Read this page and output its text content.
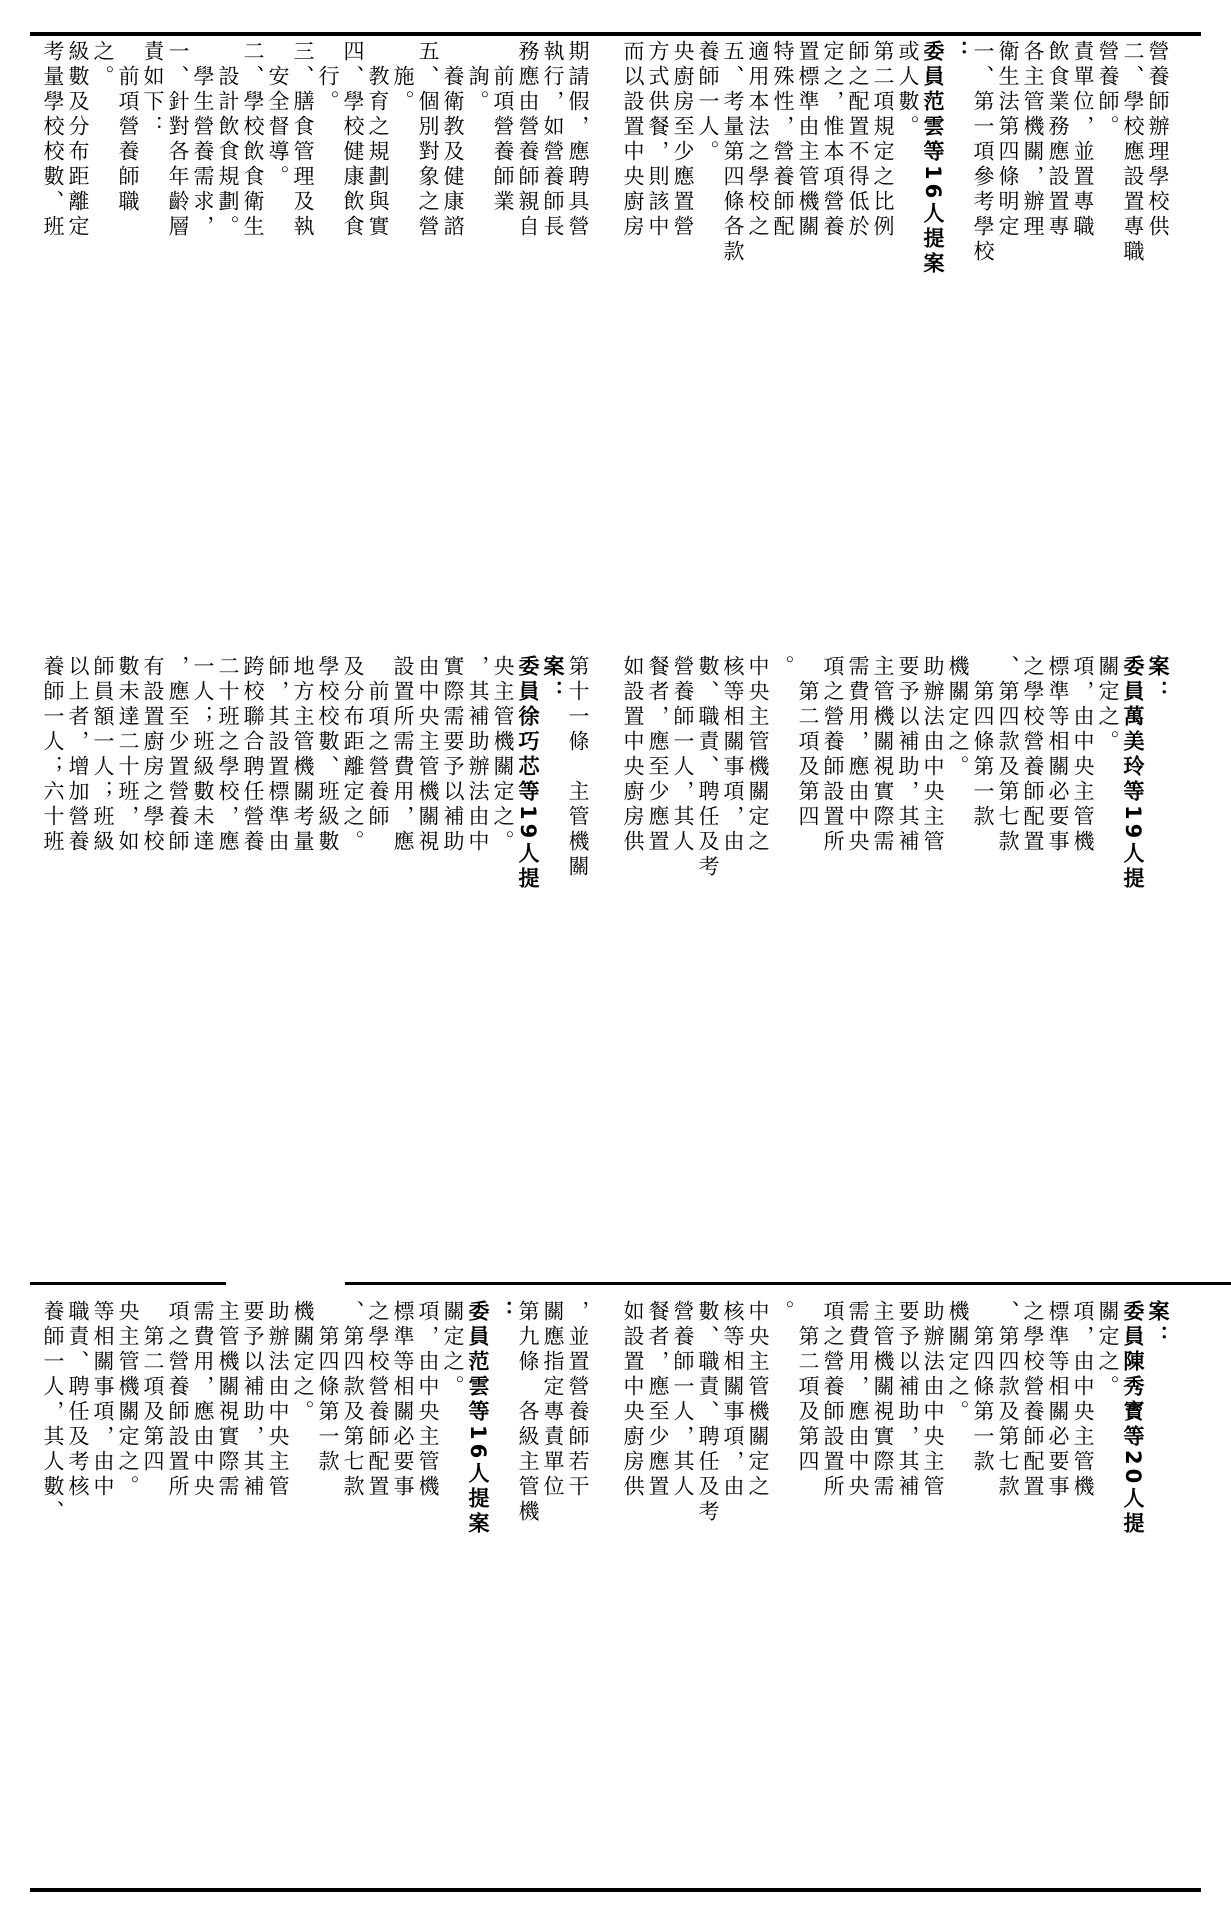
養師一人，其人數、 職責、聘任及考核 等相關事項，由中 央主管機關定之。 　第二項及第四 項之營養師設置所 需費用，應由中央 主管機關視實際需 要予以補助，其補 助辦法由中央主管 機關定之。 　第四條第一款 、第四款及第七款 之學校營養師配置 標準等相關必要事 項，由中央主管機 關定之。 委員范雲等16人提案 ： 第九條　各級主管機 關應指定專責單位 ，並置營養師若干 如設置中央廚房供 餐者，應至少應置 營養師一人，其人 數、職責、聘任及考 核等相關事項，由 中央主管機關定之 。 　第二項及第四 項之營養師設置所 需費用，應由中央 主管機關視實際需 要予以補助，其補 助辦法由中央主管 機關定之。 　第四條第一款 、第四款及第七款 之學校營養師配置 標準等相關必要事 項，由中央主管機 關定之。 委員陳秀寳等20人提 案：
養師一人；六十班 以上者，增加營養 師員額一人；班級 數未達二十班，如 有設置廚房之學校 ，應至少置營養師 一人；班級數未達 二十班之學校，應 跨校聯合聘任營養 師，其設置標準由 地方主管機關考量 學校校數、班級數 及分布距離定之。 　前項之營養師 設置所需費用，應 由中央主管機關視 實際需要予以補助 ，其補助辦法由中 央主管機關定之。 委員徐巧芯等19人提 案： 第十一條　主管機關 如設置中央廚房供 餐者，應至少應置 營養師一人，其人 數、職責、聘任及考 核等相關事項，由 中央主管機關定之 。 　第二項及第四 項之營養師設置所 需費用，應由中央 主管機關視實際需 要予以補助，其補 助辦法由中央主管 機關定之。 　第四條第一款 、第四款及第七款 之學校營養師配置 標準等相關必要事 項，由中央主管機 關定之。 委員萬美玲等19人提 案：
考量學校校數、班 級數及分布距離定 之。 　前項營養師職 責如下： 一、針對各年齡層 　學生營養需求， 　設計飲食規劃。 二、學校飲食衛生 　安全督導。 三、膳食管理及執 　行。 四、學校健康飲食 　教育之規劃與實 　施。 五、個別對象之營 　養衛教及健康諮 　詢。 　前項營養師業 務應由營養師親自 執行，如營養師長 期請假，應聘具營 而以設置中央廚房 方式供餐，則該中 央廚房至少應置營 養師一人。 五、考量第四條各款 適用本法之學校之 特殊性，營養師配 置標準由主管機關 定之，惟本項營養 師之配置不得低於 第二項規定之比例 或人數。 委員范雲等16人提案 ： 一、第一項參考學校 衛生法第四條明定 各主管機關，辦理 飲食業務應設置專 責單位，並置專職 營養師。 二、學校應設置專職 營養師辦理學校供
